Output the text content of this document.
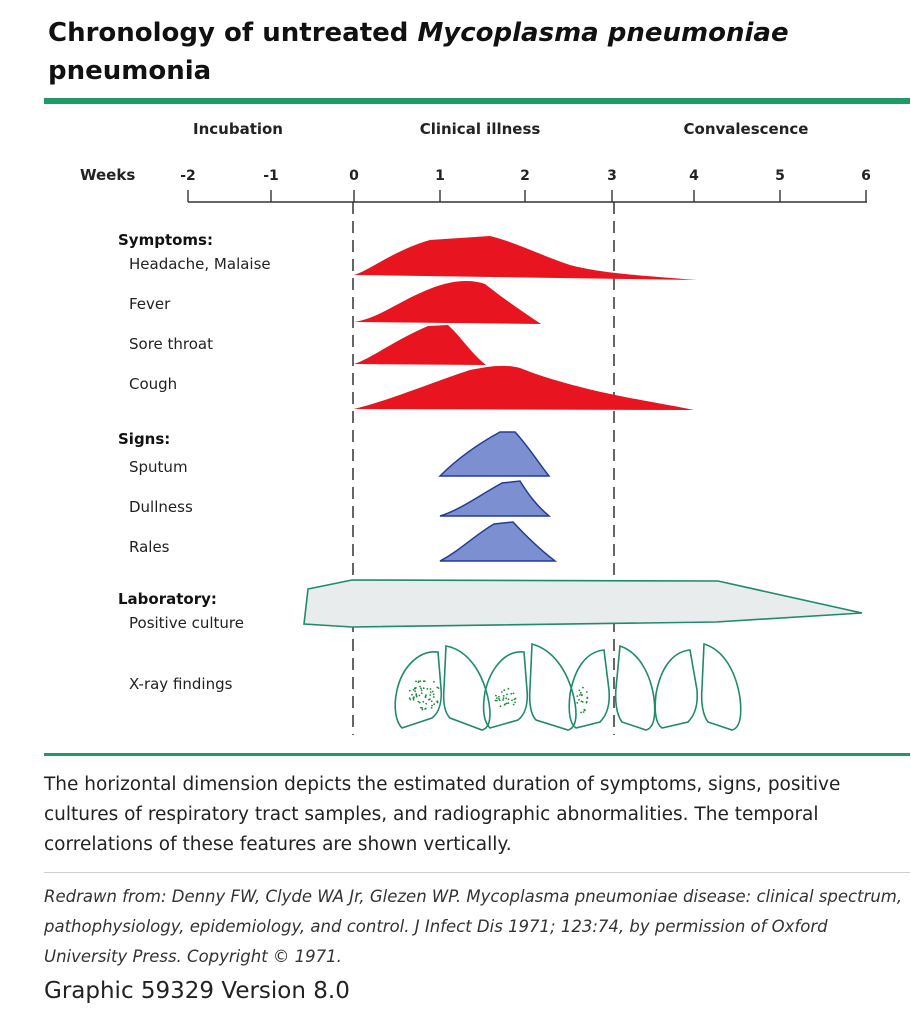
Chronology of untreated Mycoplasma pneumoniae
pneumonia
Incubation	Clinical illness	Convalescence
Weeks	-2	-1	0	1	2	3	4	5	6
Symptoms:
Headache, Malaise
Fever
Sore throat
Cough
Signs:
Sputum
Dullness
Rales
Laboratory:
Positive culture
X-ray findings
The horizontal dimension depicts the estimated duration of symptoms, signs, positive cultures of respiratory tract samples, and radiographic abnormalities. The temporal correlations of these features are shown vertically.
Redrawn from: Denny FW, Clyde WA Jr, Glezen WP. Mycoplasma pneumoniae disease: clinical spectrum, pathophysiology, epidemiology, and control. J Infect Dis 1971; 123:74, by permission of Oxford University Press. Copyright © 1971.
Graphic 59329 Version 8.0
